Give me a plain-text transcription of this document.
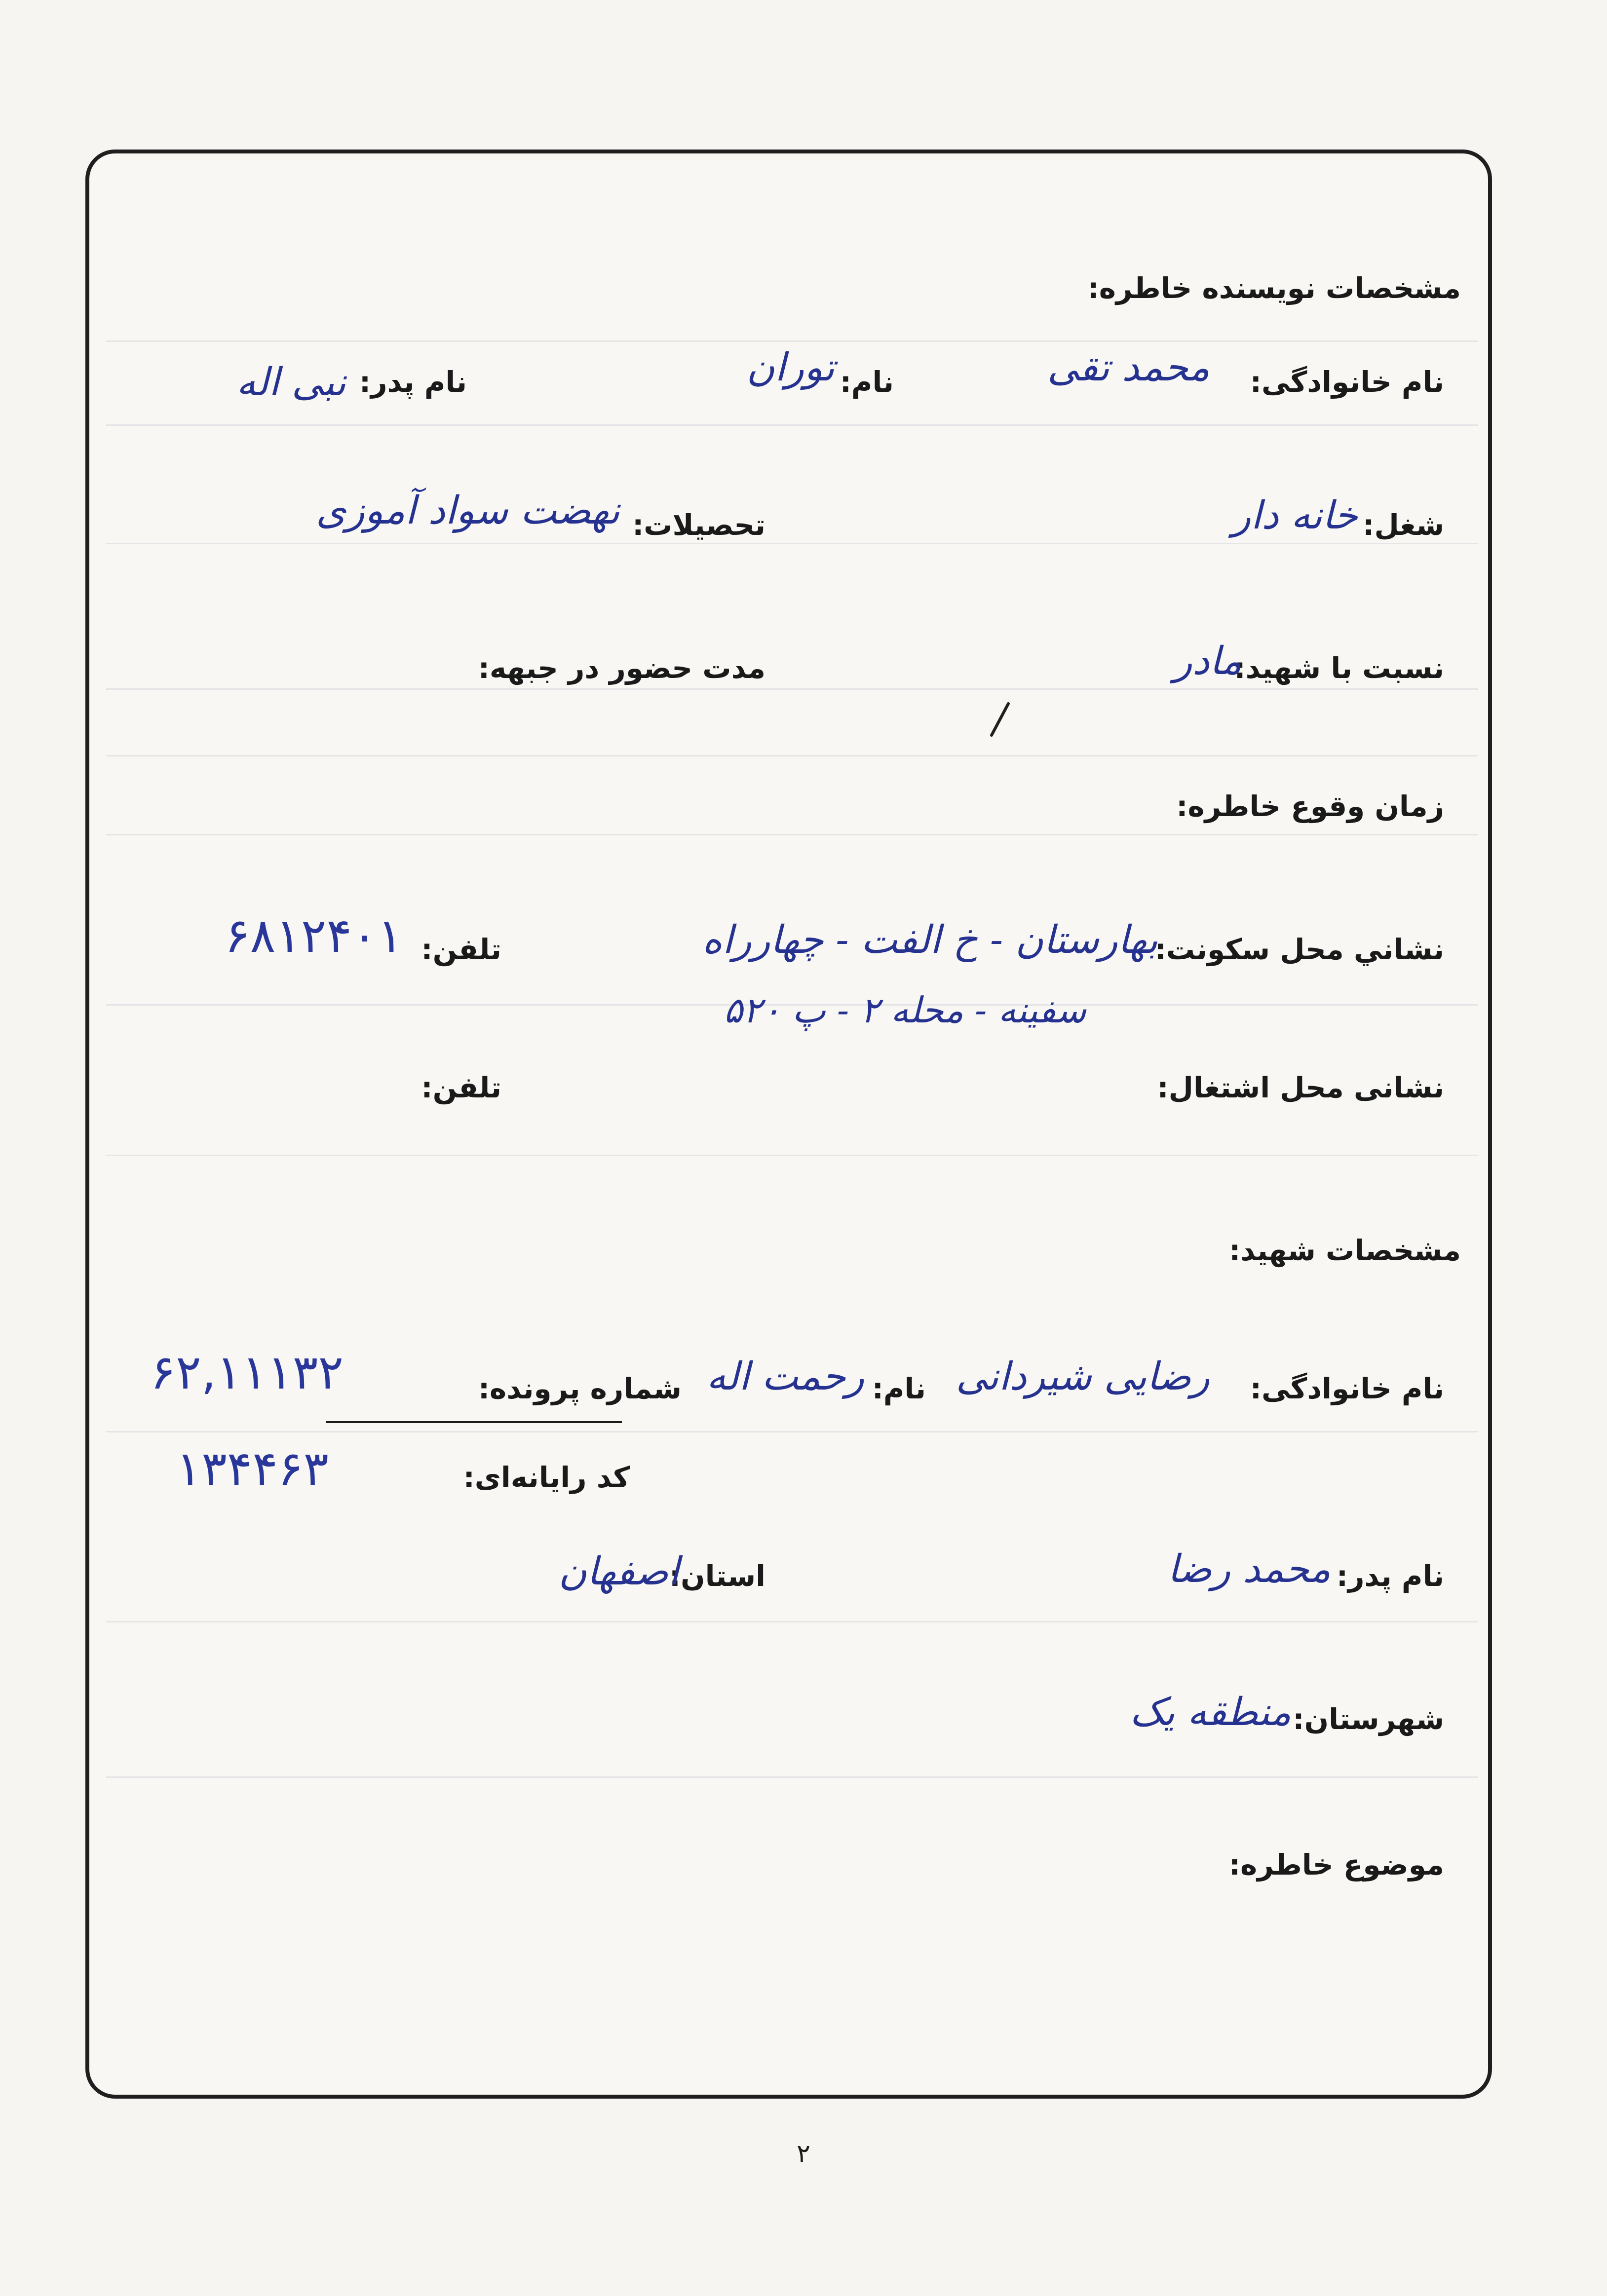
مشخصات نویسنده خاطره:
نام خانوادگی:
محمد تقی
نام:
توران
نام پدر:
نبی اله
شغل:
خانه دار
تحصیلات:
نهضت سواد آموزی
نسبت با شهید:
مادر
مدت حضور در جبهه:
زمان وقوع خاطره:
نشاني محل سکونت:
بهارستان - خ الفت - چهارراه
سفینه - محله ۲ - پ ۵۲۰
تلفن:
۶۸۱۲۴۰۱
نشانی محل اشتغال:
تلفن:
مشخصات شهید:
نام خانوادگی:
رضایی شیردانی
نام:
رحمت اله
شماره پرونده:
۶۲,۱۱۱۳۲
کد رایانه‌ای:
۱۳۴۴۶۳
نام پدر:
محمد رضا
استان:
اصفهان
شهرستان:
منطقه یک
موضوع خاطره:
۲
